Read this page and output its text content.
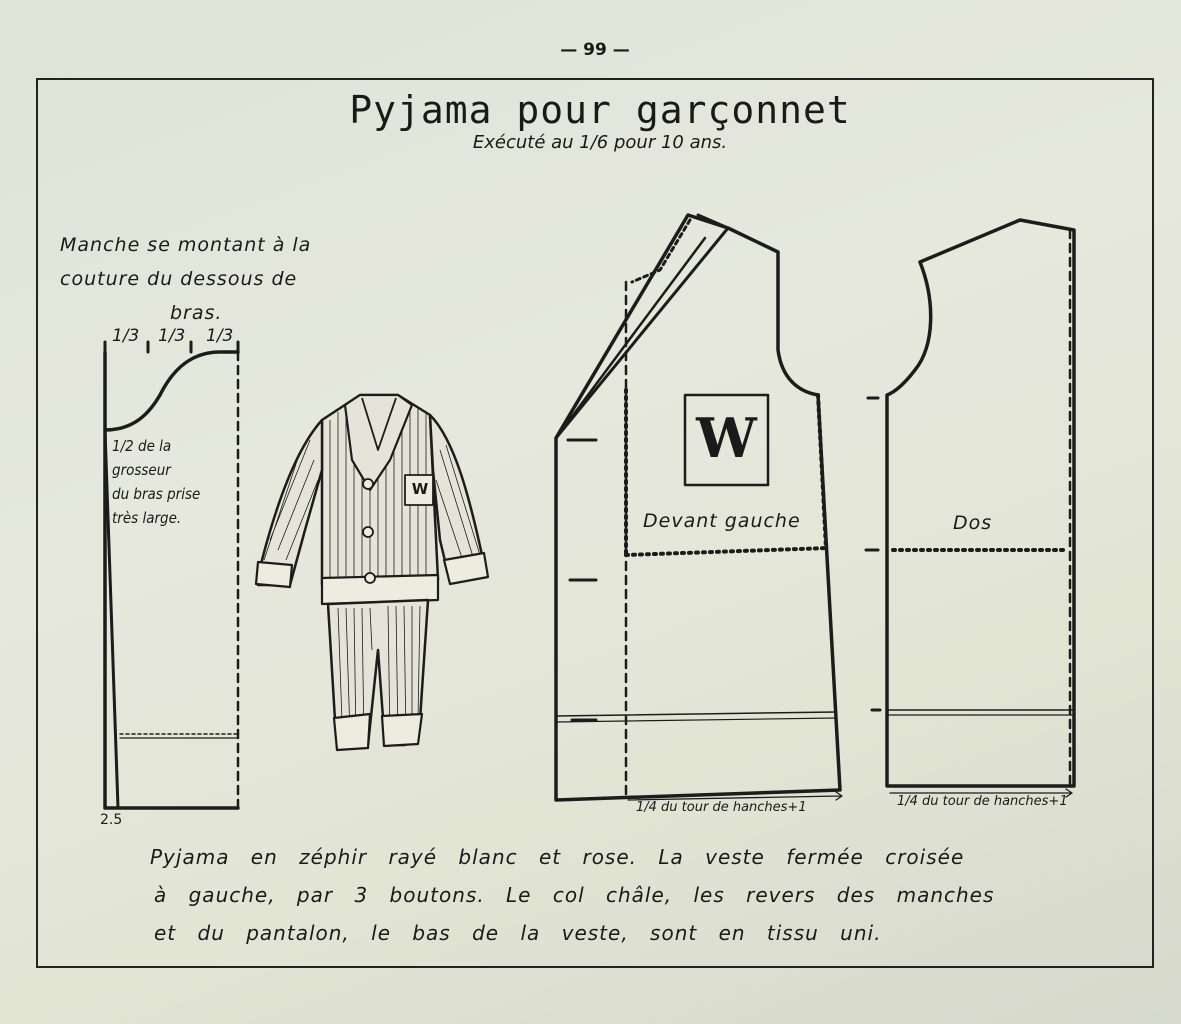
— 99 —
Pyjama pour garçonnet
Exécuté au 1/6 pour 10 ans.
Manche se montant à la
couture du dessous de

bras.
1/3 1/3 1/3
1/2 de la grosseur
du bras prise
très large.
2.5
W
W
Devant gauche
1/4 du tour de hanches+1
Dos
1/4 du tour de hanches+1
Pyjama en zéphir rayé blanc et rose. La veste fermée croisée
à gauche, par 3 boutons. Le col châle, les revers des manches
et du pantalon, le bas de la veste, sont en tissu uni.
